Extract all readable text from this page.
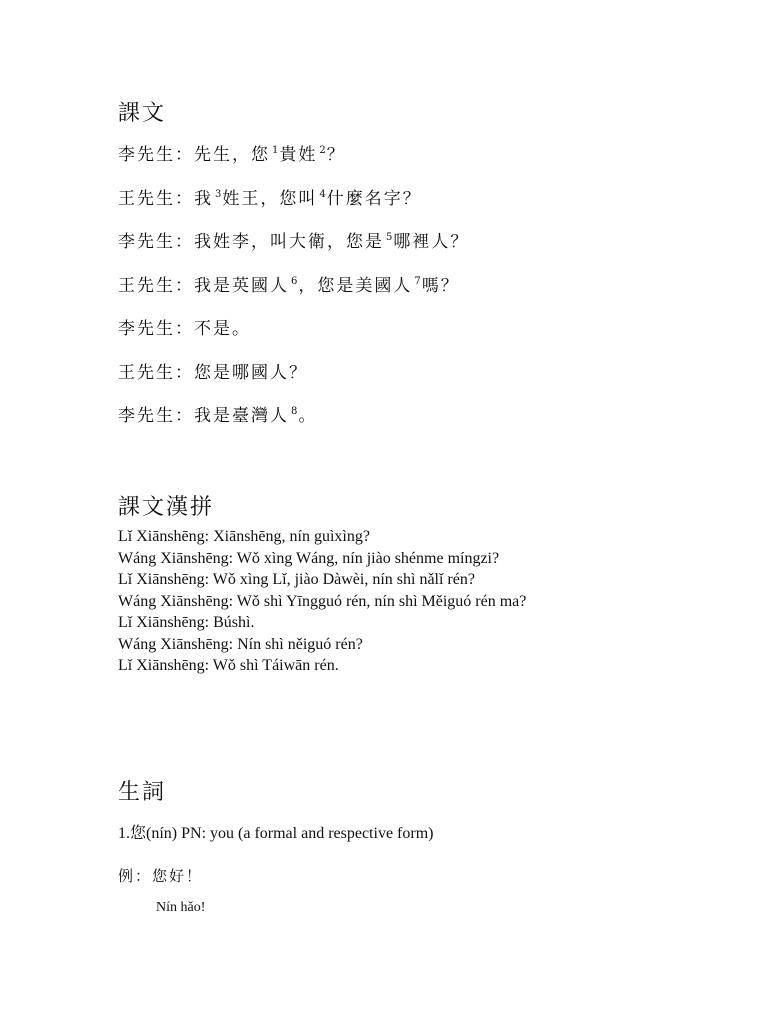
課文
李先生：先生，您 $^1$貴姓 $^2$？
王先生：我 $^3$姓王，您叫 $^4$什麼名字？
李先生：我姓李，叫大衛，您是 $^5$哪裡人？
王先生：我是英國人 $^6$，您是美國人 $^7$嗎？
李先生：不是。
王先生：您是哪國人？
李先生：我是臺灣人 $^8$。
課文漢拼
Lǐ Xiānshēng: Xiānshēng, nín guìxìng?
Wáng Xiānshēng: Wǒ xìng Wáng, nín jiào shénme míngzi?
Lǐ Xiānshēng: Wǒ xìng Lǐ, jiào Dàwèi, nín shì nǎlǐ rén?
Wáng Xiānshēng: Wǒ shì Yīngguó rén, nín shì Měiguó rén ma?
Lǐ Xiānshēng: Búshì.
Wáng Xiānshēng: Nín shì něiguó rén?
Lǐ Xiānshēng: Wǒ shì Táiwān rén.
生詞
1.您(nín) PN: you (a formal and respective form)
例：您好！
Nín hǎo!
